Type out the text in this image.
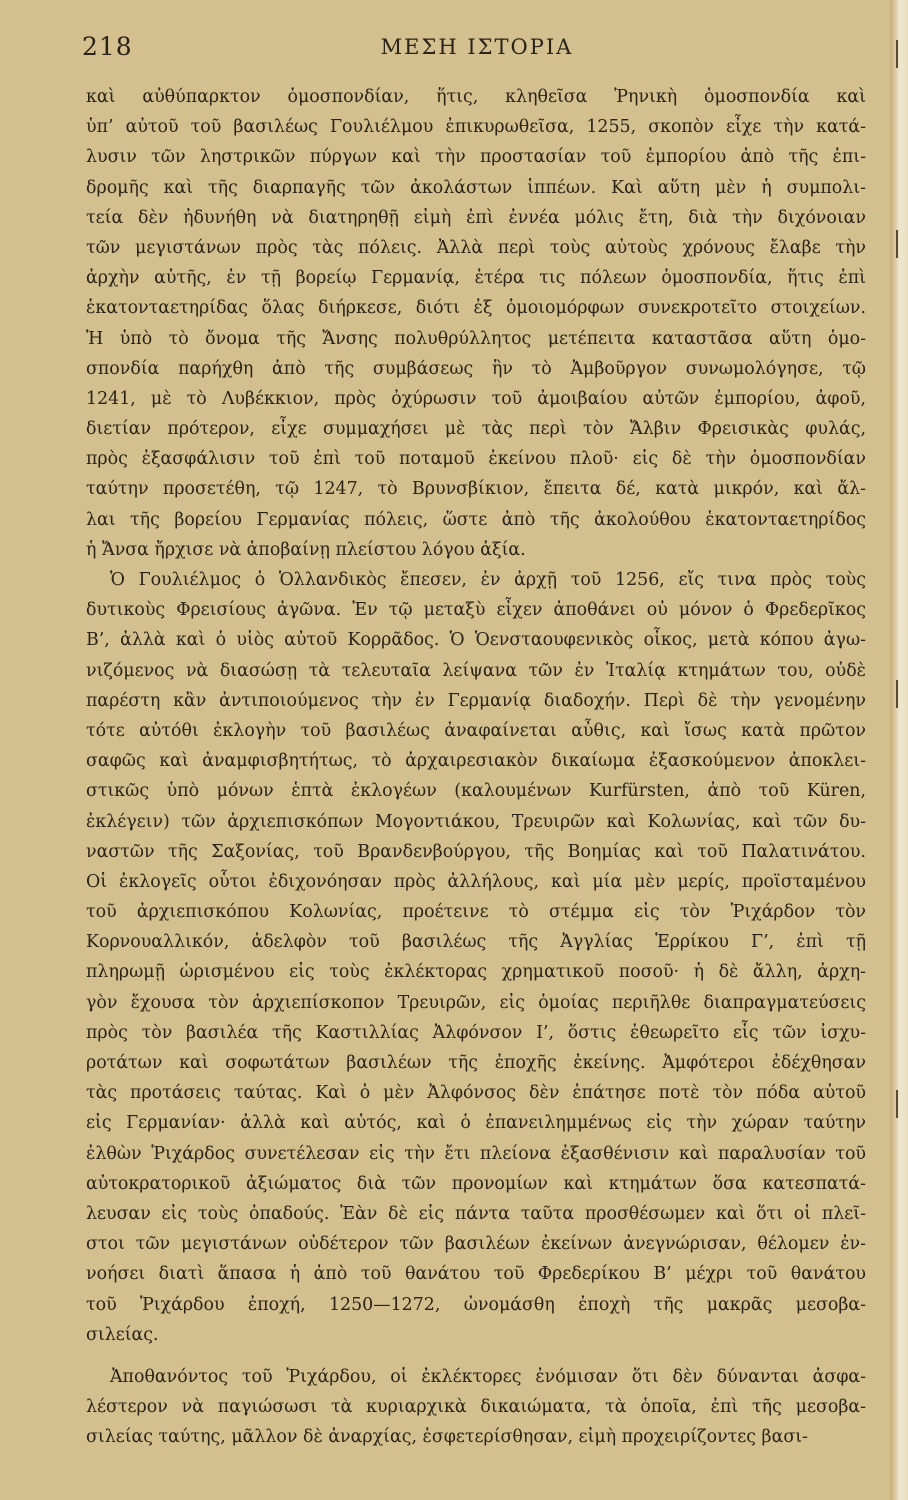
218	ΜΕΣΗ ΙΣΤΟΡΙΑ
καὶ αὐθύπαρκτον ὁμοσπονδίαν, ἥτις, κληθεῖσα Ῥηνικὴ ὁμοσπονδία καὶ
ὑπ’ αὐτοῦ τοῦ βασιλέως Γουλιέλμου ἐπικυρωθεῖσα, 1255, σκοπὸν εἶχε τὴν κατά-
λυσιν τῶν ληστρικῶν πύργων καὶ τὴν προστασίαν τοῦ ἐμπορίου ἀπὸ τῆς ἐπι-
δρομῆς καὶ τῆς διαρπαγῆς τῶν ἀκολάστων ἱππέων. Καὶ αὕτη μὲν ἡ συμπολι-
τεία δὲν ἠδυνήθη νὰ διατηρηθῇ εἰμὴ ἐπὶ ἐννέα μόλις ἔτη, διὰ τὴν διχόνοιαν
τῶν μεγιστάνων πρὸς τὰς πόλεις. Ἀλλὰ περὶ τοὺς αὐτοὺς χρόνους ἔλαβε τὴν
ἀρχὴν αὐτῆς, ἐν τῇ βορείῳ Γερμανίᾳ, ἑτέρα τις πόλεων ὁμοσπονδία, ἥτις ἐπὶ
ἑκατονταετηρίδας ὅλας διήρκεσε, διότι ἐξ ὁμοιομόρφων συνεκροτεῖτο στοιχείων.
Ἡ ὑπὸ τὸ ὄνομα τῆς Ἄνσης πολυθρύλλητος μετέπειτα καταστᾶσα αὕτη ὁμο-
σπονδία παρήχθη ἀπὸ τῆς συμβάσεως ἣν τὸ Ἀμβοῦργον συνωμολόγησε, τῷ
1241, μὲ τὸ Λυβέκκιον, πρὸς ὀχύρωσιν τοῦ ἀμοιβαίου αὐτῶν ἐμπορίου, ἀφοῦ,
διετίαν πρότερον, εἶχε συμμαχήσει μὲ τὰς περὶ τὸν Ἄλβιν Φρεισικὰς φυλάς,
πρὸς ἐξασφάλισιν τοῦ ἐπὶ τοῦ ποταμοῦ ἐκείνου πλοῦ· εἰς δὲ τὴν ὁμοσπονδίαν
ταύτην προσετέθη, τῷ 1247, τὸ Βρυνσβίκιον, ἔπειτα δέ, κατὰ μικρόν, καὶ ἄλ-
λαι τῆς βορείου Γερμανίας πόλεις, ὥστε ἀπὸ τῆς ἀκολούθου ἑκατονταετηρίδος
ἡ Ἄνσα ἤρχισε νὰ ἀποβαίνῃ πλείστου λόγου ἀξία.
Ὁ Γουλιέλμος ὁ Ὁλλανδικὸς ἔπεσεν, ἐν ἀρχῇ τοῦ 1256, εἴς τινα πρὸς τοὺς
δυτικοὺς Φρεισίους ἀγῶνα. Ἐν τῷ μεταξὺ εἶχεν ἀποθάνει οὐ μόνον ὁ Φρεδερῖκος
Β’, ἀλλὰ καὶ ὁ υἱὸς αὐτοῦ Κορρᾶδος. Ὁ Ὁενσταουφενικὸς οἶκος, μετὰ κόπου ἀγω-
νιζόμενος νὰ διασώσῃ τὰ τελευταῖα λείψανα τῶν ἐν Ἰταλίᾳ κτημάτων του, οὐδὲ
παρέστη κἂν ἀντιποιούμενος τὴν ἐν Γερμανίᾳ διαδοχήν. Περὶ δὲ τὴν γενομένην
τότε αὐτόθι ἐκλογὴν τοῦ βασιλέως ἀναφαίνεται αὖθις, καὶ ἴσως κατὰ πρῶτον
σαφῶς καὶ ἀναμφισβητήτως, τὸ ἀρχαιρεσιακὸν δικαίωμα ἐξασκούμενον ἀποκλει-
στικῶς ὑπὸ μόνων ἑπτὰ ἐκλογέων (καλουμένων Kurfürsten, ἀπὸ τοῦ Küren,
ἐκλέγειν) τῶν ἀρχιεπισκόπων Μογοντιάκου, Τρευιρῶν καὶ Κολωνίας, καὶ τῶν δυ-
ναστῶν τῆς Σαξονίας, τοῦ Βρανδενβούργου, τῆς Βοημίας καὶ τοῦ Παλατινάτου.
Οἱ ἐκλογεῖς οὗτοι ἐδιχονόησαν πρὸς ἀλλήλους, καὶ μία μὲν μερίς, προϊσταμένου
τοῦ ἀρχιεπισκόπου Κολωνίας, προέτεινε τὸ στέμμα εἰς τὸν Ῥιχάρδον τὸν
Κορνουαλλικόν, ἀδελφὸν τοῦ βασιλέως τῆς Ἀγγλίας Ἑρρίκου Γ’, ἐπὶ τῇ
πληρωμῇ ὡρισμένου εἰς τοὺς ἐκλέκτορας χρηματικοῦ ποσοῦ· ἡ δὲ ἄλλη, ἀρχη-
γὸν ἔχουσα τὸν ἀρχιεπίσκοπον Τρευιρῶν, εἰς ὁμοίας περιῆλθε διαπραγματεύσεις
πρὸς τὸν βασιλέα τῆς Καστιλλίας Ἀλφόνσον Ι’, ὅστις ἐθεωρεῖτο εἷς τῶν ἰσχυ-
ροτάτων καὶ σοφωτάτων βασιλέων τῆς ἐποχῆς ἐκείνης. Ἀμφότεροι ἐδέχθησαν
τὰς προτάσεις ταύτας. Καὶ ὁ μὲν Ἀλφόνσος δὲν ἐπάτησε ποτὲ τὸν πόδα αὐτοῦ
εἰς Γερμανίαν· ἀλλὰ καὶ αὐτός, καὶ ὁ ἐπανειλημμένως εἰς τὴν χώραν ταύτην
ἐλθὼν Ῥιχάρδος συνετέλεσαν εἰς τὴν ἔτι πλείονα ἐξασθένισιν καὶ παραλυσίαν τοῦ
αὐτοκρατορικοῦ ἀξιώματος διὰ τῶν προνομίων καὶ κτημάτων ὅσα κατεσπατά-
λευσαν εἰς τοὺς ὀπαδούς. Ἐὰν δὲ εἰς πάντα ταῦτα προσθέσωμεν καὶ ὅτι οἱ πλεῖ-
στοι τῶν μεγιστάνων οὐδέτερον τῶν βασιλέων ἐκείνων ἀνεγνώρισαν, θέλομεν ἐν-
νοήσει διατὶ ἅπασα ἡ ἀπὸ τοῦ θανάτου τοῦ Φρεδερίκου Β’ μέχρι τοῦ θανάτου
τοῦ Ῥιχάρδου ἐποχή, 1250—1272, ὠνομάσθη ἐποχὴ τῆς μακρᾶς μεσοβα-
σιλείας.
Ἀποθανόντος τοῦ Ῥιχάρδου, οἱ ἐκλέκτορες ἐνόμισαν ὅτι δὲν δύνανται ἀσφα-
λέστερον νὰ παγιώσωσι τὰ κυριαρχικὰ δικαιώματα, τὰ ὁποῖα, ἐπὶ τῆς μεσοβα-
σιλείας ταύτης, μᾶλλον δὲ ἀναρχίας, ἐσφετερίσθησαν, εἰμὴ προχειρίζοντες βασι-
